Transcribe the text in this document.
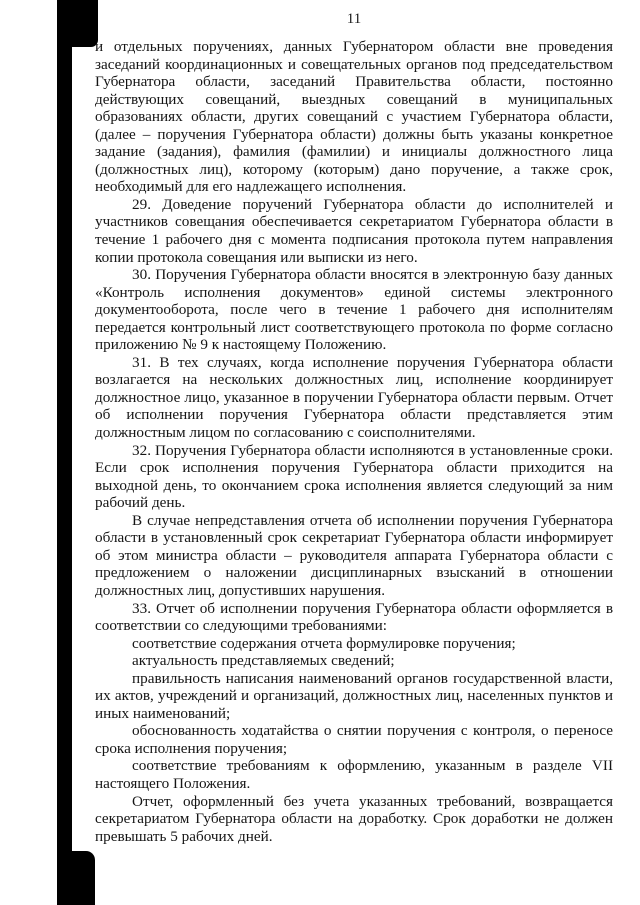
11

и отдельных поручениях, данных Губернатором области вне проведения заседаний координационных и совещательных органов под председательством Губернатора области, заседаний Правительства области, постоянно действующих совещаний, выездных совещаний в муниципальных образованиях области, других совещаний с участием Губернатора области, (далее – поручения Губернатора области) должны быть указаны конкретное задание (задания), фамилия (фамилии) и инициалы должностного лица (должностных лиц), которому (которым) дано поручение, а также срок, необходимый для его надлежащего исполнения.

29. Доведение поручений Губернатора области до исполнителей и участников совещания обеспечивается секретариатом Губернатора области в течение 1 рабочего дня с момента подписания протокола путем направления копии протокола совещания или выписки из него.

30. Поручения Губернатора области вносятся в электронную базу данных «Контроль исполнения документов» единой системы электронного документооборота, после чего в течение 1 рабочего дня исполнителям передается контрольный лист соответствующего протокола по форме согласно приложению № 9 к настоящему Положению.

31. В тех случаях, когда исполнение поручения Губернатора области возлагается на нескольких должностных лиц, исполнение координирует должностное лицо, указанное в поручении Губернатора области первым. Отчет об исполнении поручения Губернатора области представляется этим должностным лицом по согласованию с соисполнителями.

32. Поручения Губернатора области исполняются в установленные сроки. Если срок исполнения поручения Губернатора области приходится на выходной день, то окончанием срока исполнения является следующий за ним рабочий день.

В случае непредставления отчета об исполнении поручения Губернатора области в установленный срок секретариат Губернатора области информирует об этом министра области – руководителя аппарата Губернатора области с предложением о наложении дисциплинарных взысканий в отношении должностных лиц, допустивших нарушения.

33. Отчет об исполнении поручения Губернатора области оформляется в соответствии со следующими требованиями:

соответствие содержания отчета формулировке поручения;

актуальность представляемых сведений;

правильность написания наименований органов государственной власти, их актов, учреждений и организаций, должностных лиц, населенных пунктов и иных наименований;

обоснованность ходатайства о снятии поручения с контроля, о переносе срока исполнения поручения;

соответствие требованиям к оформлению, указанным в разделе VII настоящего Положения.

Отчет, оформленный без учета указанных требований, возвращается секретариатом Губернатора области на доработку. Срок доработки не должен превышать 5 рабочих дней.
